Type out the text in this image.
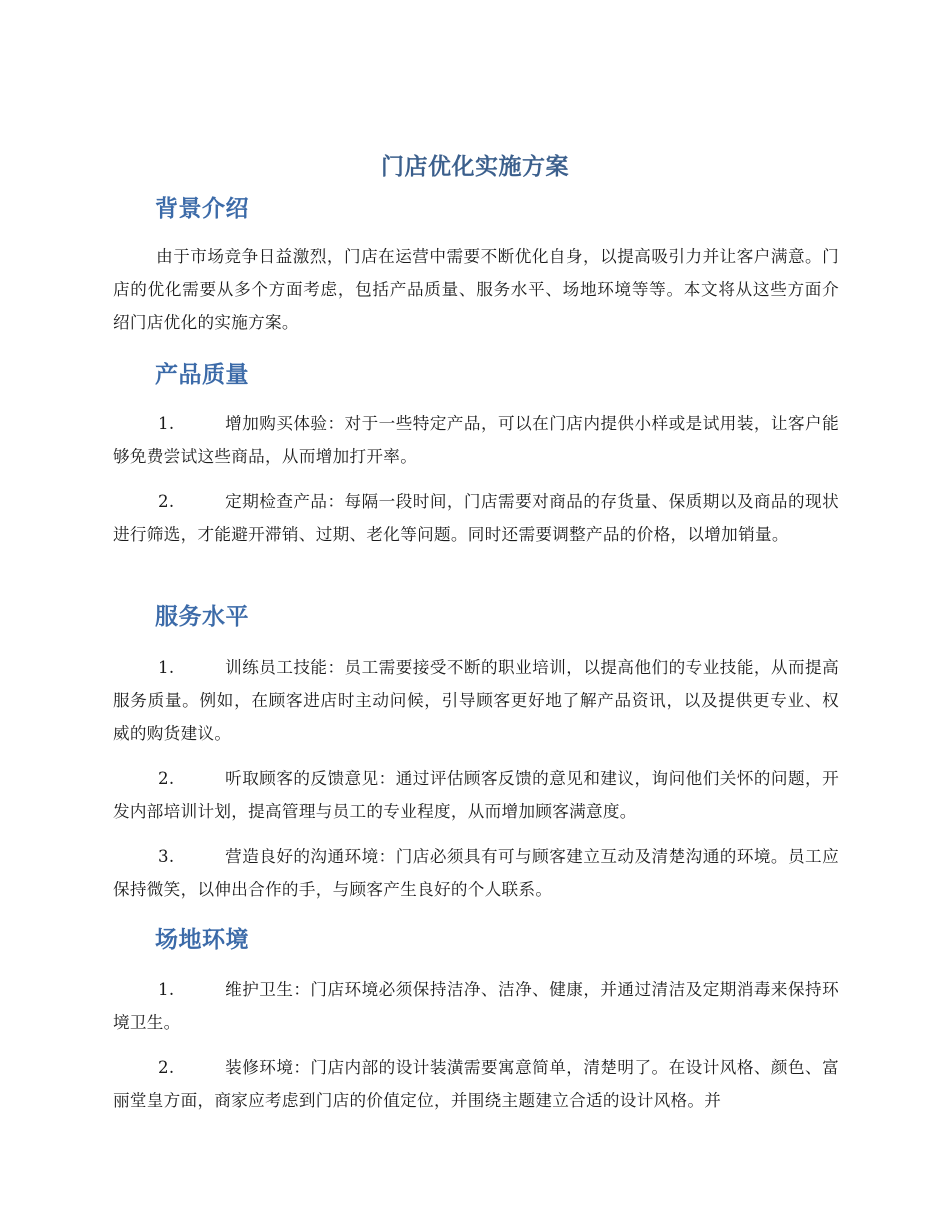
门店优化实施方案
背景介绍
由于市场竞争日益激烈，门店在运营中需要不断优化自身，以提高吸引力并让客户满意。门店的优化需要从多个方面考虑，包括产品质量、服务水平、场地环境等等。本文将从这些方面介绍门店优化的实施方案。
产品质量
1.	增加购买体验：对于一些特定产品，可以在门店内提供小样或是试用装，让客户能够免费尝试这些商品，从而增加打开率。
2.	定期检查产品：每隔一段时间，门店需要对商品的存货量、保质期以及商品的现状进行筛选，才能避开滞销、过期、老化等问题。同时还需要调整产品的价格，以增加销量。
服务水平
1.	训练员工技能：员工需要接受不断的职业培训，以提高他们的专业技能，从而提高服务质量。例如，在顾客进店时主动问候，引导顾客更好地了解产品资讯，以及提供更专业、权威的购货建议。
2.	听取顾客的反馈意见：通过评估顾客反馈的意见和建议，询问他们关怀的问题，开发内部培训计划，提高管理与员工的专业程度，从而增加顾客满意度。
3.	营造良好的沟通环境：门店必须具有可与顾客建立互动及清楚沟通的环境。员工应保持微笑，以伸出合作的手，与顾客产生良好的个人联系。
场地环境
1.	维护卫生：门店环境必须保持洁净、洁净、健康，并通过清洁及定期消毒来保持环境卫生。
2.	装修环境：门店内部的设计装潢需要寓意简单，清楚明了。在设计风格、颜色、富丽堂皇方面，商家应考虑到门店的价值定位，并围绕主题建立合适的设计风格。并
